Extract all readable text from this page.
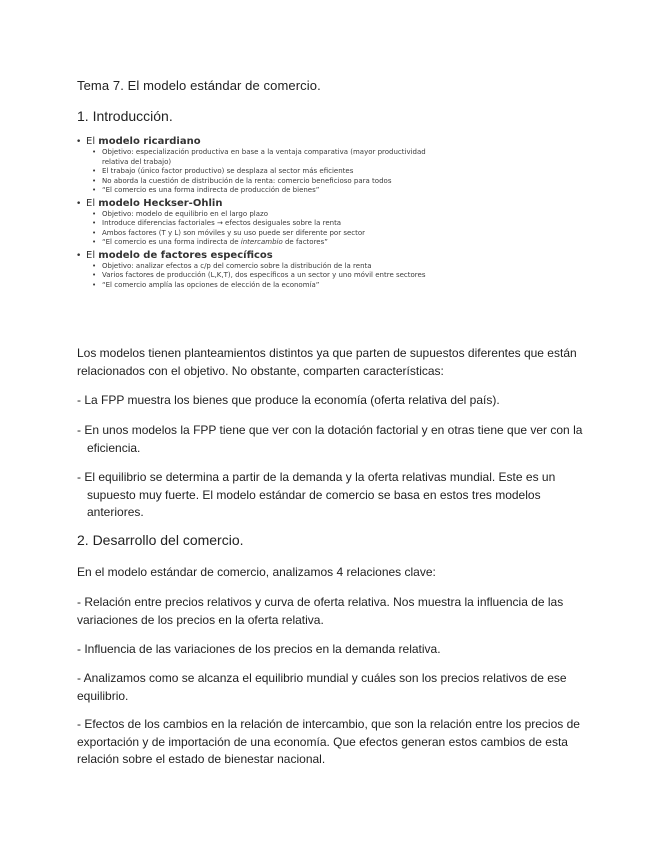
Tema 7. El modelo estándar de comercio.
1. Introducción.

• El modelo ricardiano

• Objetivo: especialización productiva en base a la ventaja comparativa (mayor productividad
relativa del trabajo)

• El trabajo (único factor productivo) se desplaza al sector más eficientes

• No aborda la cuestión de distribución de la renta: comercio beneficioso para todos

• “El comercio es una forma indirecta de producción de bienes”

• El modelo Heckser-Ohlin

• Objetivo: modelo de equilibrio en el largo plazo

• Introduce diferencias factoriales → efectos desiguales sobre la renta

• Ambos factores (T y L) son móviles y su uso puede ser diferente por sector

• “El comercio es una forma indirecta de intercambio de factores”

• El modelo de factores específicos

• Objetivo: analizar efectos a c/p del comercio sobre la distribución de la renta

• Varios factores de producción (L,K,T), dos específicos a un sector y uno móvil entre sectores

• “El comercio amplía las opciones de elección de la economía”

Los modelos tienen planteamientos distintos ya que parten de supuestos diferentes que están relacionados con el objetivo. No obstante, comparten características:

- La FPP muestra los bienes que produce la economía (oferta relativa del país).

- En unos modelos la FPP tiene que ver con la dotación factorial y en otras tiene que ver con la eficiencia.

- El equilibrio se determina a partir de la demanda y la oferta relativas mundial. Este es un supuesto muy fuerte. El modelo estándar de comercio se basa en estos tres modelos anteriores.

2. Desarrollo del comercio.

En el modelo estándar de comercio, analizamos 4 relaciones clave:

- Relación entre precios relativos y curva de oferta relativa. Nos muestra la influencia de las variaciones de los precios en la oferta relativa.

- Influencia de las variaciones de los precios en la demanda relativa.

- Analizamos como se alcanza el equilibrio mundial y cuáles son los precios relativos de ese equilibrio.

- Efectos de los cambios en la relación de intercambio, que son la relación entre los precios de exportación y de importación de una economía. Que efectos generan estos cambios de esta relación sobre el estado de bienestar nacional.
